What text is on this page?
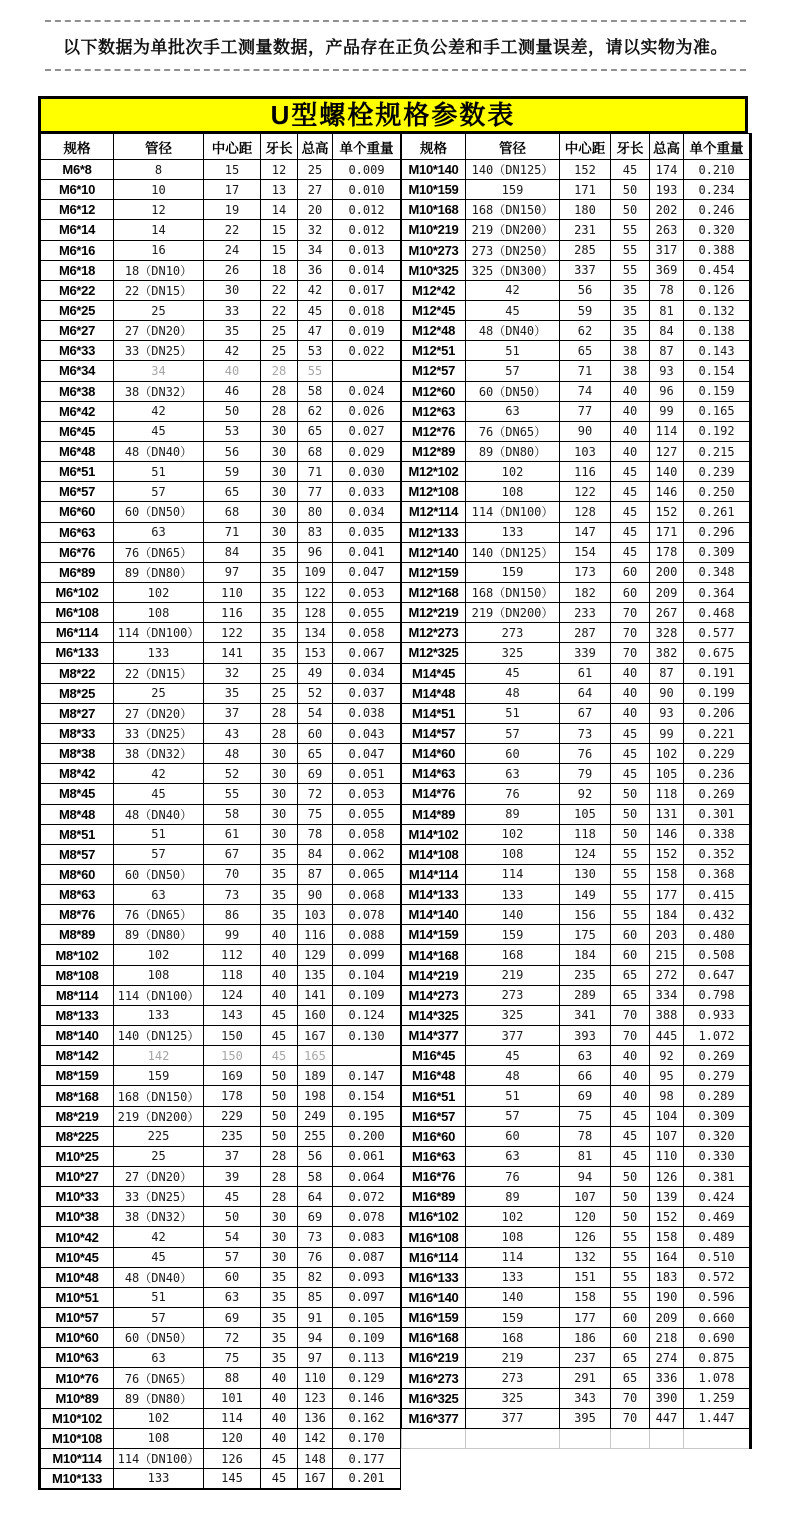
以下数据为单批次手工测量数据，产品存在正负公差和手工测量误差，请以实物为准。
U型螺栓规格参数表
规格	管径	中心距	牙长	总高	单个重量
M6*8	8	15	12	25	0.009
M6*10	10	17	13	27	0.010
M6*12	12	19	14	20	0.012
M6*14	14	22	15	32	0.012
M6*16	16	24	15	34	0.013
M6*18	18（DN10）	26	18	36	0.014
M6*22	22（DN15）	30	22	42	0.017
M6*25	25	33	22	45	0.018
M6*27	27（DN20）	35	25	47	0.019
M6*33	33（DN25）	42	25	53	0.022
M6*34	34	40	28	55	
M6*38	38（DN32）	46	28	58	0.024
M6*42	42	50	28	62	0.026
M6*45	45	53	30	65	0.027
M6*48	48（DN40）	56	30	68	0.029
M6*51	51	59	30	71	0.030
M6*57	57	65	30	77	0.033
M6*60	60（DN50）	68	30	80	0.034
M6*63	63	71	30	83	0.035
M6*76	76（DN65）	84	35	96	0.041
M6*89	89（DN80）	97	35	109	0.047
M6*102	102	110	35	122	0.053
M6*108	108	116	35	128	0.055
M6*114	114（DN100）	122	35	134	0.058
M6*133	133	141	35	153	0.067
M8*22	22（DN15）	32	25	49	0.034
M8*25	25	35	25	52	0.037
M8*27	27（DN20）	37	28	54	0.038
M8*33	33（DN25）	43	28	60	0.043
M8*38	38（DN32）	48	30	65	0.047
M8*42	42	52	30	69	0.051
M8*45	45	55	30	72	0.053
M8*48	48（DN40）	58	30	75	0.055
M8*51	51	61	30	78	0.058
M8*57	57	67	35	84	0.062
M8*60	60（DN50）	70	35	87	0.065
M8*63	63	73	35	90	0.068
M8*76	76（DN65）	86	35	103	0.078
M8*89	89（DN80）	99	40	116	0.088
M8*102	102	112	40	129	0.099
M8*108	108	118	40	135	0.104
M8*114	114（DN100）	124	40	141	0.109
M8*133	133	143	45	160	0.124
M8*140	140（DN125）	150	45	167	0.130
M8*142	142	150	45	165	
M8*159	159	169	50	189	0.147
M8*168	168（DN150）	178	50	198	0.154
M8*219	219（DN200）	229	50	249	0.195
M8*225	225	235	50	255	0.200
M10*25	25	37	28	56	0.061
M10*27	27（DN20）	39	28	58	0.064
M10*33	33（DN25）	45	28	64	0.072
M10*38	38（DN32）	50	30	69	0.078
M10*42	42	54	30	73	0.083
M10*45	45	57	30	76	0.087
M10*48	48（DN40）	60	35	82	0.093
M10*51	51	63	35	85	0.097
M10*57	57	69	35	91	0.105
M10*60	60（DN50）	72	35	94	0.109
M10*63	63	75	35	97	0.113
M10*76	76（DN65）	88	40	110	0.129
M10*89	89（DN80）	101	40	123	0.146
M10*102	102	114	40	136	0.162
M10*108	108	120	40	142	0.170
M10*114	114（DN100）	126	45	148	0.177
M10*133	133	145	45	167	0.201
规格	管径	中心距	牙长	总高	单个重量
M10*140	140（DN125）	152	45	174	0.210
M10*159	159	171	50	193	0.234
M10*168	168（DN150）	180	50	202	0.246
M10*219	219（DN200）	231	55	263	0.320
M10*273	273（DN250）	285	55	317	0.388
M10*325	325（DN300）	337	55	369	0.454
M12*42	42	56	35	78	0.126
M12*45	45	59	35	81	0.132
M12*48	48（DN40）	62	35	84	0.138
M12*51	51	65	38	87	0.143
M12*57	57	71	38	93	0.154
M12*60	60（DN50）	74	40	96	0.159
M12*63	63	77	40	99	0.165
M12*76	76（DN65）	90	40	114	0.192
M12*89	89（DN80）	103	40	127	0.215
M12*102	102	116	45	140	0.239
M12*108	108	122	45	146	0.250
M12*114	114（DN100）	128	45	152	0.261
M12*133	133	147	45	171	0.296
M12*140	140（DN125）	154	45	178	0.309
M12*159	159	173	60	200	0.348
M12*168	168（DN150）	182	60	209	0.364
M12*219	219（DN200）	233	70	267	0.468
M12*273	273	287	70	328	0.577
M12*325	325	339	70	382	0.675
M14*45	45	61	40	87	0.191
M14*48	48	64	40	90	0.199
M14*51	51	67	40	93	0.206
M14*57	57	73	45	99	0.221
M14*60	60	76	45	102	0.229
M14*63	63	79	45	105	0.236
M14*76	76	92	50	118	0.269
M14*89	89	105	50	131	0.301
M14*102	102	118	50	146	0.338
M14*108	108	124	55	152	0.352
M14*114	114	130	55	158	0.368
M14*133	133	149	55	177	0.415
M14*140	140	156	55	184	0.432
M14*159	159	175	60	203	0.480
M14*168	168	184	60	215	0.508
M14*219	219	235	65	272	0.647
M14*273	273	289	65	334	0.798
M14*325	325	341	70	388	0.933
M14*377	377	393	70	445	1.072
M16*45	45	63	40	92	0.269
M16*48	48	66	40	95	0.279
M16*51	51	69	40	98	0.289
M16*57	57	75	45	104	0.309
M16*60	60	78	45	107	0.320
M16*63	63	81	45	110	0.330
M16*76	76	94	50	126	0.381
M16*89	89	107	50	139	0.424
M16*102	102	120	50	152	0.469
M16*108	108	126	55	158	0.489
M16*114	114	132	55	164	0.510
M16*133	133	151	55	183	0.572
M16*140	140	158	55	190	0.596
M16*159	159	177	60	209	0.660
M16*168	168	186	60	218	0.690
M16*219	219	237	65	274	0.875
M16*273	273	291	65	336	1.078
M16*325	325	343	70	390	1.259
M16*377	377	395	70	447	1.447
